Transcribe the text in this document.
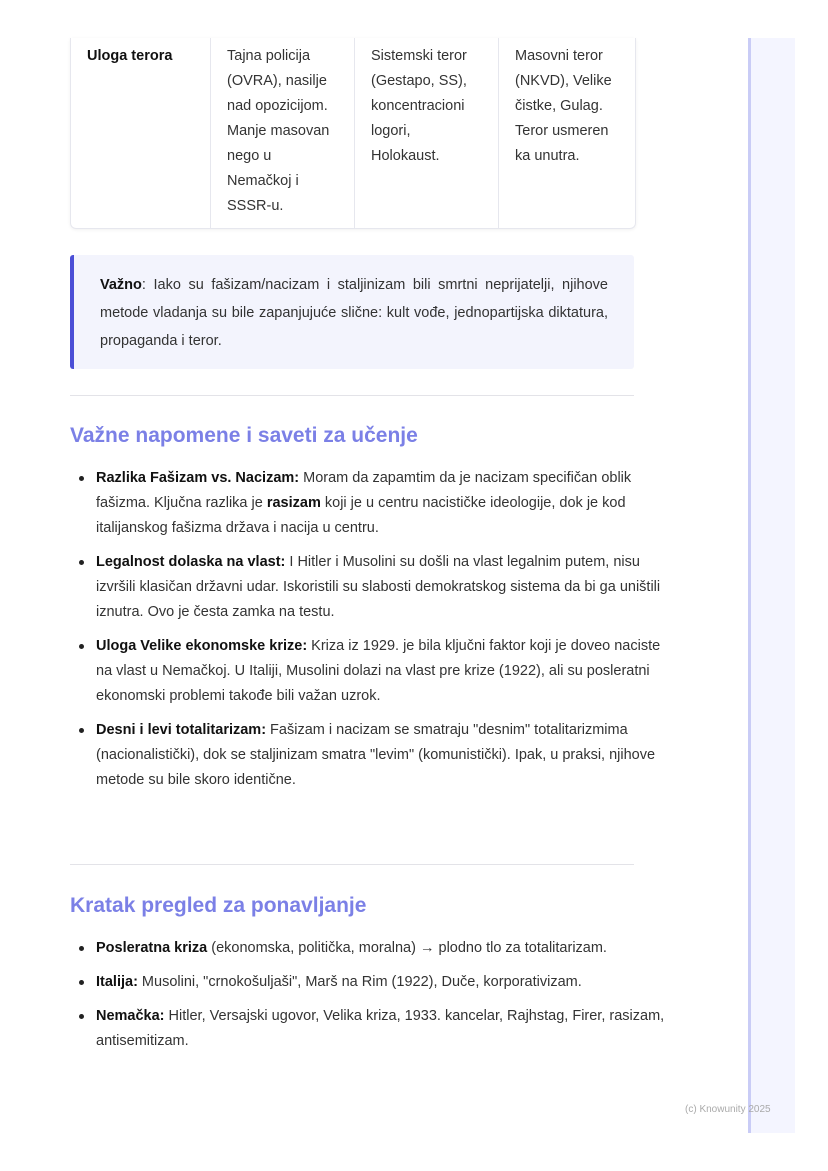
Uloga terora	Tajna policija (OVRA), nasilje nad opozicijom. Manje masovan nego u Nemačkoj i SSSR-u.	Sistemski teror (Gestapo, SS), koncentracioni logori, Holokaust.	Masovni teror (NKVD), Velike čistke, Gulag. Teror usmeren ka unutra.
Važno: Iako su fašizam/nacizam i staljinizam bili smrtni neprijatelji, njihove metode vladanja su bile zapanjujuće slične: kult vođe, jednopartijska diktatura, propaganda i teror.
Važne napomene i saveti za učenje
Razlika Fašizam vs. Nacizam: Moram da zapamtim da je nacizam specifičan oblik fašizma. Ključna razlika je rasizam koji je u centru nacističke ideologije, dok je kod italijanskog fašizma država i nacija u centru.
Legalnost dolaska na vlast: I Hitler i Musolini su došli na vlast legalnim putem, nisu izvršili klasičan državni udar. Iskoristili su slabosti demokratskog sistema da bi ga uništili iznutra. Ovo je česta zamka na testu.
Uloga Velike ekonomske krize: Kriza iz 1929. je bila ključni faktor koji je doveo naciste na vlast u Nemačkoj. U Italiji, Musolini dolazi na vlast pre krize (1922), ali su posleratni ekonomski problemi takođe bili važan uzrok.
Desni i levi totalitarizam: Fašizam i nacizam se smatraju "desnim" totalitarizmima (nacionalistički), dok se staljinizam smatra "levim" (komunistički). Ipak, u praksi, njihove metode su bile skoro identične.
Kratak pregled za ponavljanje
Posleratna kriza (ekonomska, politička, moralna) → plodno tlo za totalitarizam.
Italija: Musolini, "crnokošuljaši", Marš na Rim (1922), Duče, korporativizam.
Nemačka: Hitler, Versajski ugovor, Velika kriza, 1933. kancelar, Rajhstag, Firer, rasizam, antisemitizam.
(c) Knowunity 2025
